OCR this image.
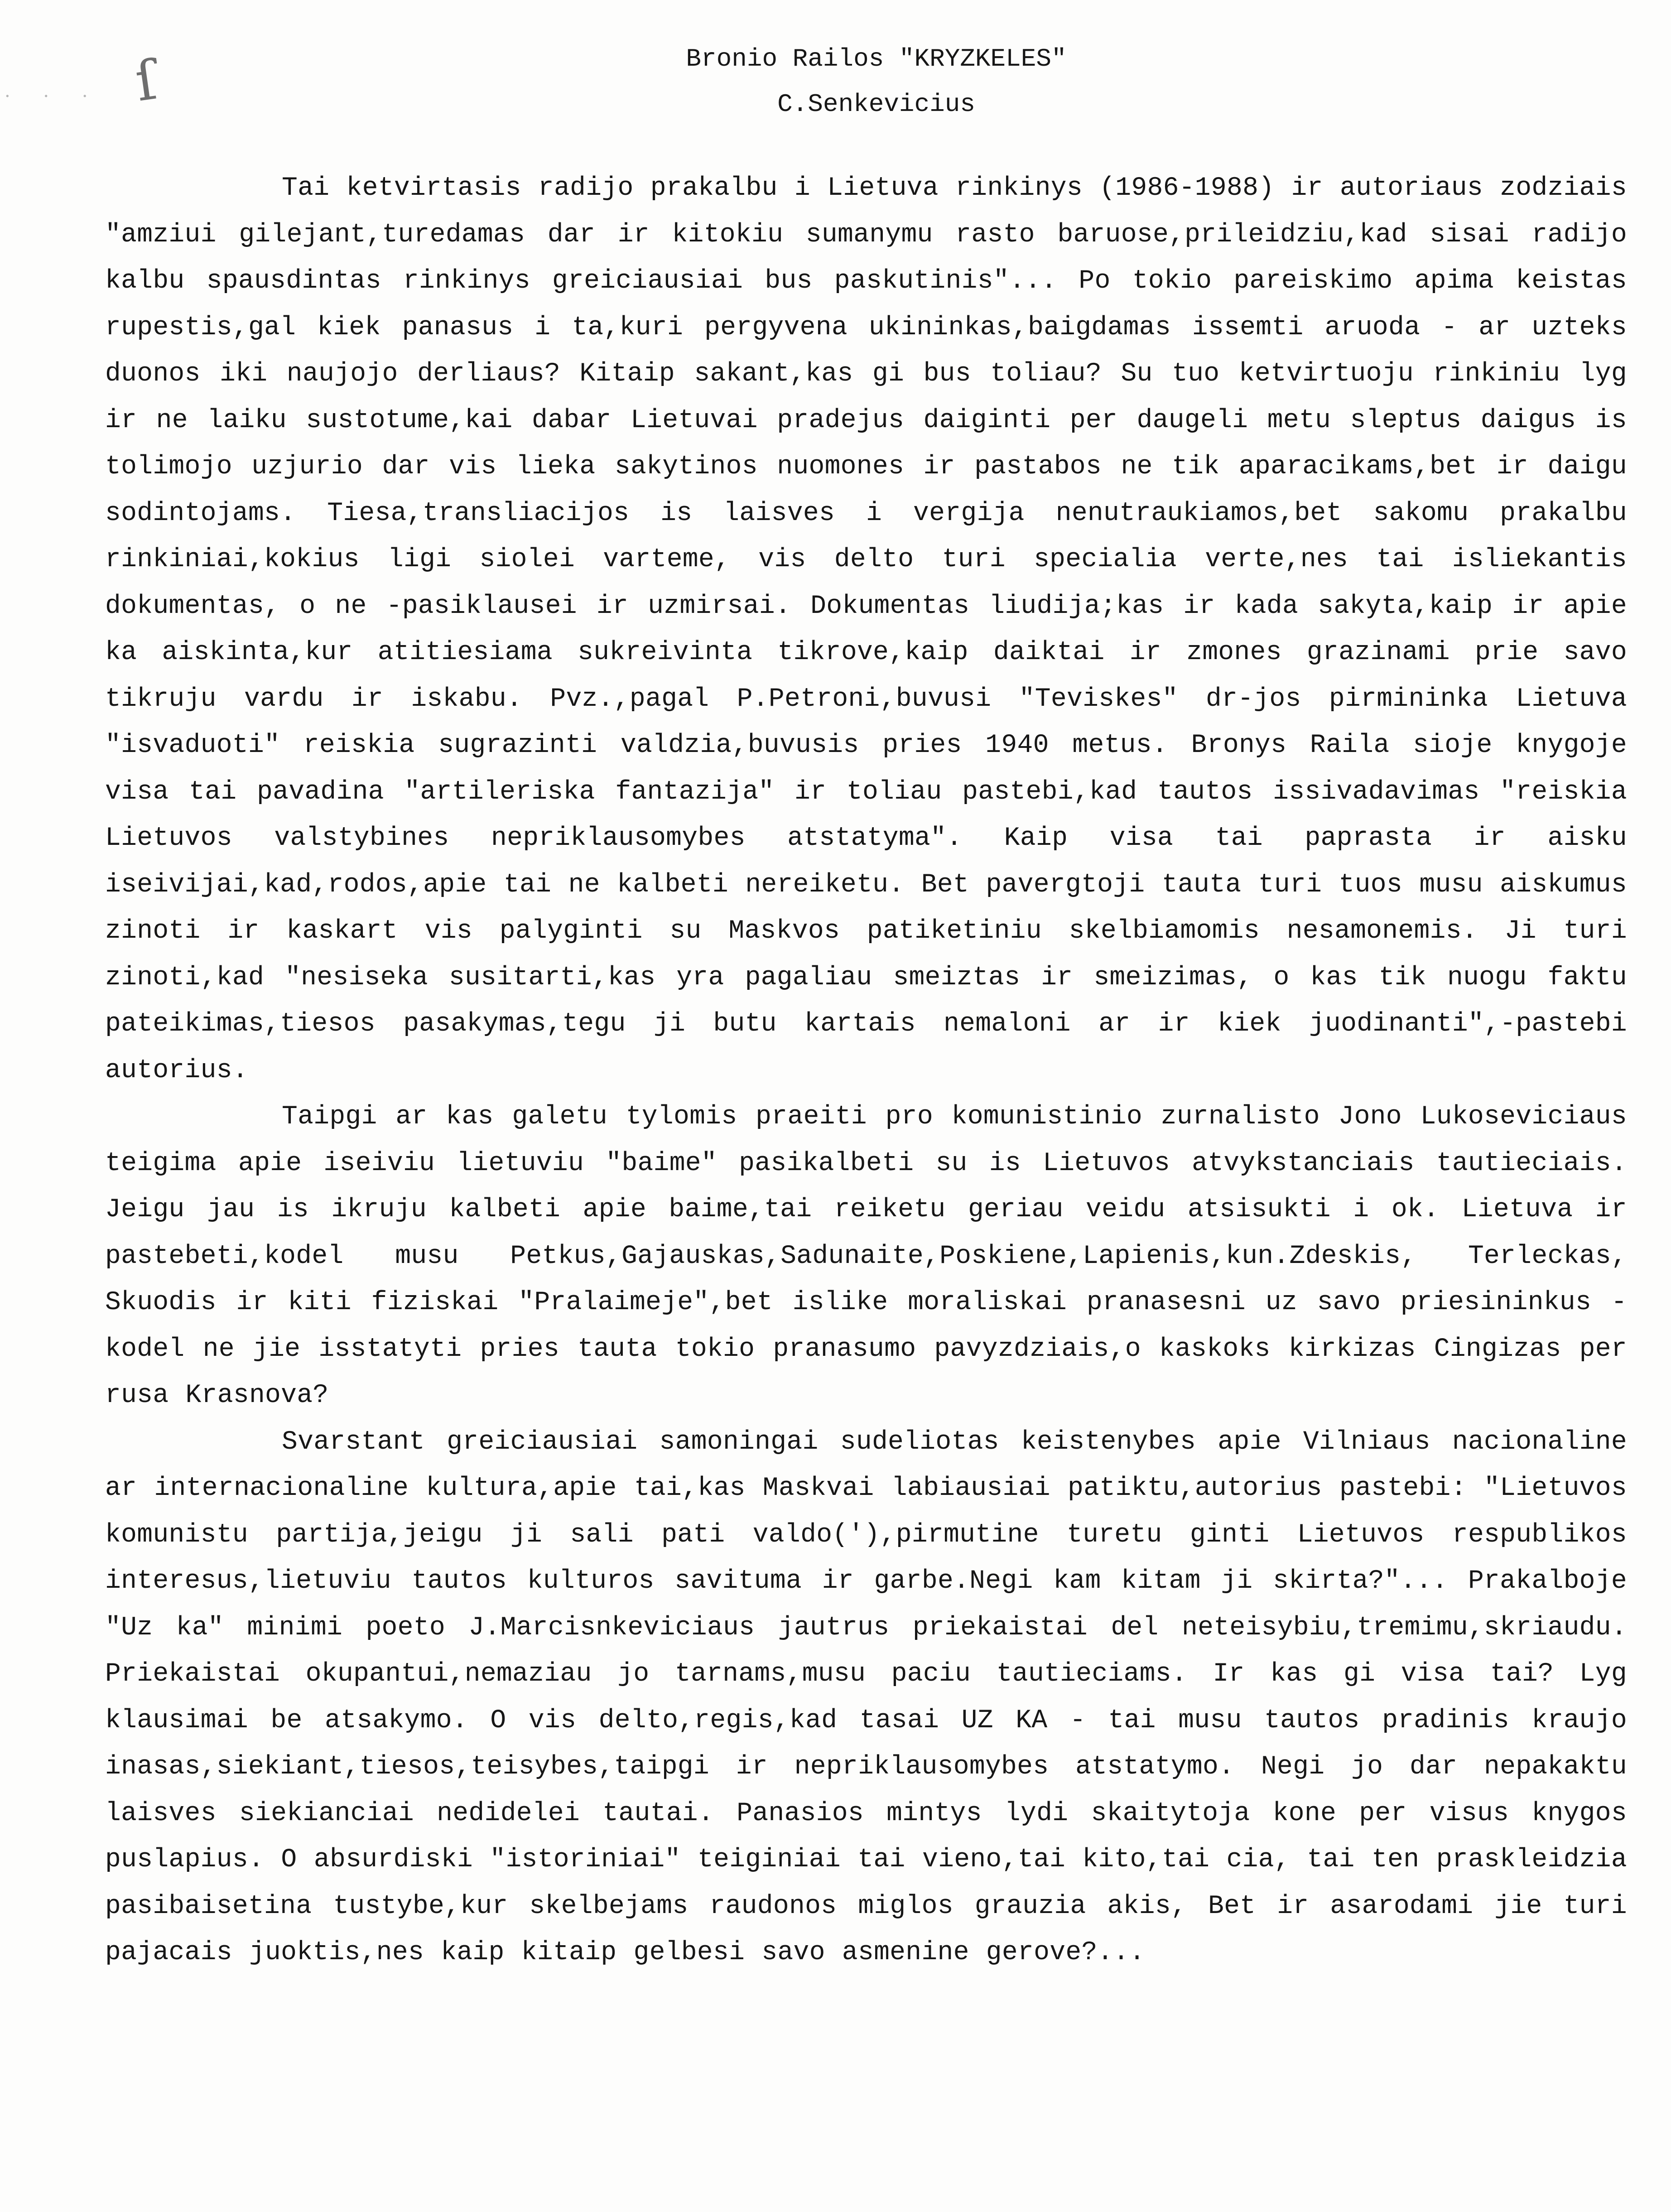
ſ
· · ·
Bronio Railos "KRYZKELES"
C.Senkevicius

Tai ketvirtasis radijo prakalbu i Lietuva rinkinys (1986-1988) ir autoriaus zodziais "amziui gilejant,turedamas dar ir kitokiu sumanymu rasto baruose,prileidziu,kad sisai radijo kalbu spausdintas rinkinys greiciausiai bus paskutinis"... Po tokio pareiskimo apima keistas rupestis,gal kiek panasus i ta,kuri pergyvena ukininkas,baigdamas issemti aruoda - ar uzteks duonos iki naujojo derliaus? Kitaip sakant,kas gi bus toliau? Su tuo ketvirtuoju rinkiniu lyg ir ne laiku sustotume,kai dabar Lietuvai pradejus daiginti per daugeli metu sleptus daigus is tolimojo uzjurio dar vis lieka sakytinos nuomones ir pastabos ne tik aparacikams,bet ir daigu sodintojams. Tiesa,transliacijos is laisves i vergija nenutraukiamos,bet sakomu prakalbu rinkiniai,kokius ligi siolei varteme, vis delto turi specialia verte,nes tai isliekantis dokumentas, o ne -pasiklausei ir uzmirsai. Dokumentas liudija;kas ir kada sakyta,kaip ir apie ka aiskinta,kur atitiesiama sukreivinta tikrove,kaip daiktai ir zmones grazinami prie savo tikruju vardu ir iskabu. Pvz.,pagal P.Petroni,buvusi "Teviskes" dr-jos pirmininka Lietuva "isvaduoti" reiskia sugrazinti valdzia,buvusis pries 1940 metus. Bronys Raila sioje knygoje visa tai pavadina "artileriska fantazija" ir toliau pastebi,kad tautos issivadavimas "reiskia Lietuvos valstybines nepriklausomybes atstatyma". Kaip visa tai paprasta ir aisku iseivijai,kad,rodos,apie tai ne kalbeti nereiketu. Bet pavergtoji tauta turi tuos musu aiskumus zinoti ir kaskart vis palyginti su Maskvos patiketiniu skelbiamomis nesamonemis. Ji turi zinoti,kad "nesiseka susitarti,kas yra pagaliau smeiztas ir smeizimas, o kas tik nuogu faktu pateikimas,tiesos pasakymas,tegu ji butu kartais nemaloni ar ir kiek juodinanti",-pastebi autorius.

Taipgi ar kas galetu tylomis praeiti pro komunistinio zurnalisto Jono Lukoseviciaus teigima apie iseiviu lietuviu "baime" pasikalbeti su is Lietuvos atvykstanciais tautieciais. Jeigu jau is ikruju kalbeti apie baime,tai reiketu geriau veidu atsisukti i ok. Lietuva ir pastebeti,kodel musu Petkus,Gajauskas,Sadunaite,Poskiene,Lapienis,kun.Zdeskis, Terleckas, Skuodis ir kiti fiziskai "Pralaimeje",bet islike moraliskai pranasesni uz savo priesininkus - kodel ne jie isstatyti pries tauta tokio pranasumo pavyzdziais,o kaskoks kirkizas Cingizas per rusa Krasnova?

Svarstant greiciausiai samoningai sudeliotas keistenybes apie Vilniaus nacionaline ar internacionaline kultura,apie tai,kas Maskvai labiausiai patiktu,autorius pastebi: "Lietuvos komunistu partija,jeigu ji sali pati valdo('),pirmutine turetu ginti Lietuvos respublikos interesus,lietuviu tautos kulturos savituma ir garbe.Negi kam kitam ji skirta?"... Prakalboje "Uz ka" minimi poeto J.Marcisnkeviciaus jautrus priekaistai del neteisybiu,tremimu,skriaudu. Priekaistai okupantui,nemaziau jo tarnams,musu paciu tautieciams. Ir kas gi visa tai? Lyg klausimai be atsakymo. O vis delto,regis,kad tasai UZ KA - tai musu tautos pradinis kraujo inasas,siekiant,tiesos,teisybes,taipgi ir nepriklausomybes atstatymo. Negi jo dar nepakaktu laisves siekianciai nedidelei tautai. Panasios mintys lydi skaitytoja kone per visus knygos puslapius. O absurdiski "istoriniai" teiginiai tai vieno,tai kito,tai cia, tai ten praskleidzia pasibaisetina tustybe,kur skelbejams raudonos miglos grauzia akis, Bet ir asarodami jie turi pajacais juoktis,nes kaip kitaip gelbesi savo asmenine gerove?...
